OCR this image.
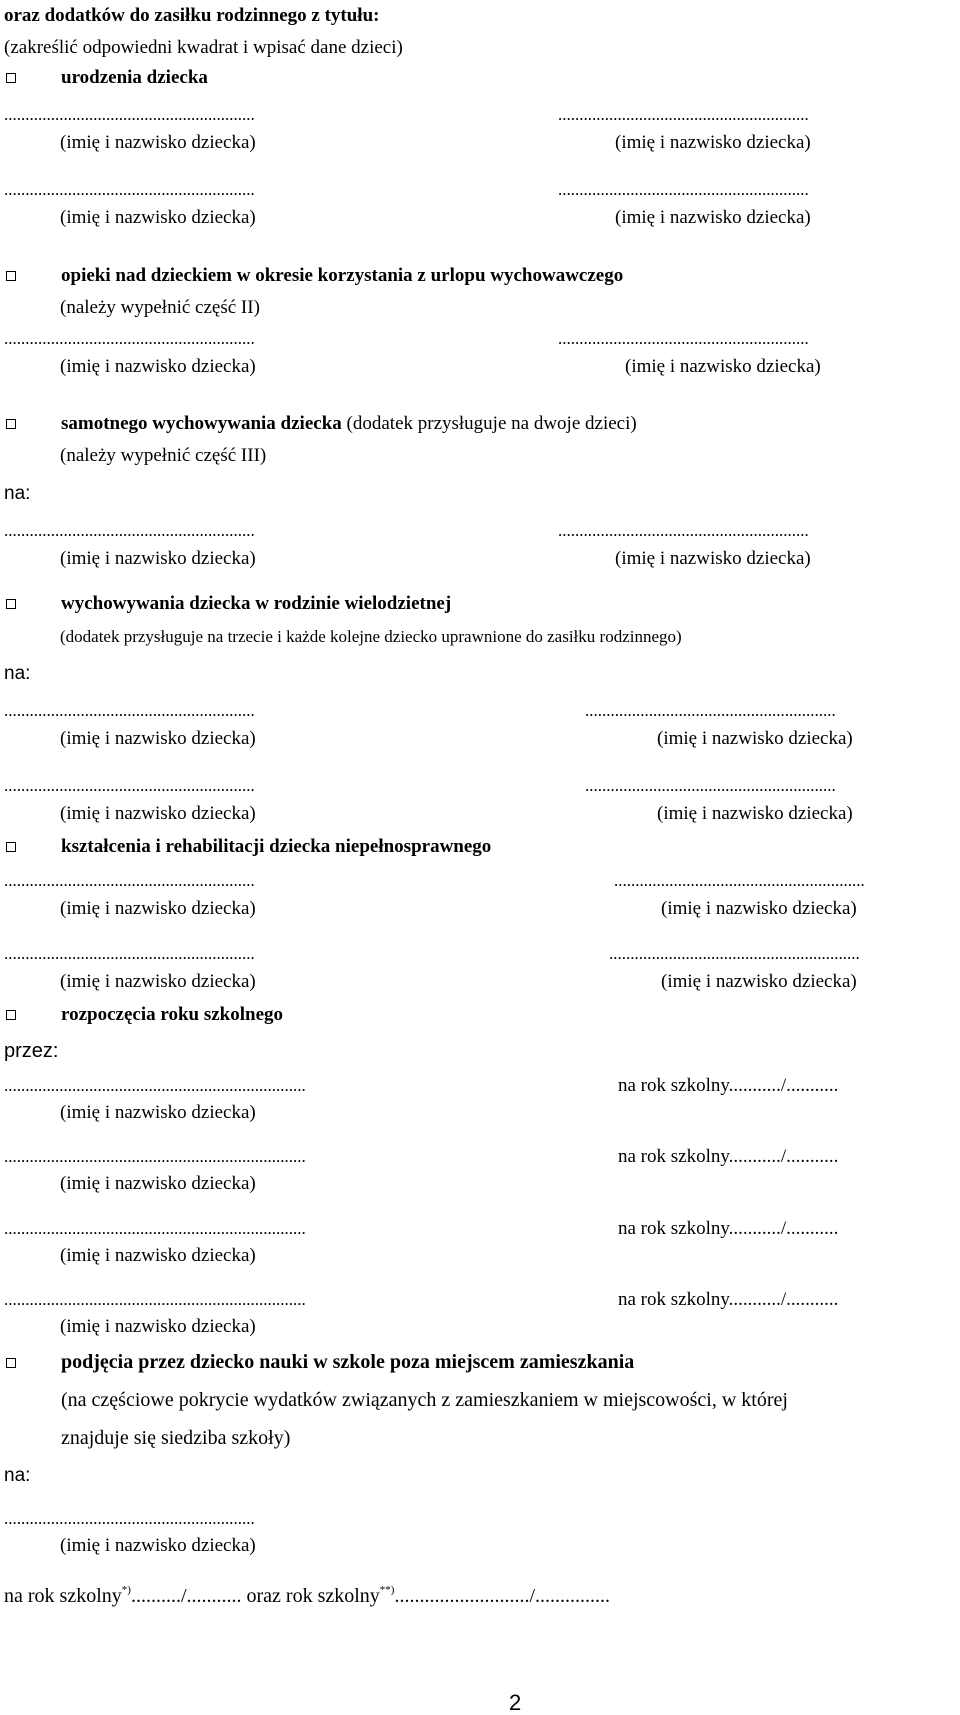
oraz dodatków do zasiłku rodzinnego z tytułu:
(zakreślić odpowiedni kwadrat i wpisać dane dzieci)
urodzenia dziecka
...........................................................	...........................................................
(imię i nazwisko dziecka)	(imię i nazwisko dziecka)
...........................................................	...........................................................
(imię i nazwisko dziecka)	(imię i nazwisko dziecka)
opieki nad dzieckiem w okresie korzystania z urlopu wychowawczego
(należy wypełnić część II)
...........................................................	...........................................................
(imię i nazwisko dziecka)	(imię i nazwisko dziecka)
samotnego wychowywania dziecka (dodatek przysługuje na dwoje dzieci)
(należy wypełnić część III)
na:
...........................................................	...........................................................
(imię i nazwisko dziecka)	(imię i nazwisko dziecka)
wychowywania dziecka w rodzinie wielodzietnej
(dodatek przysługuje na trzecie i każde kolejne dziecko uprawnione do zasiłku rodzinnego)
na:
...........................................................	...........................................................
(imię i nazwisko dziecka)	(imię i nazwisko dziecka)
...........................................................	...........................................................
(imię i nazwisko dziecka)	(imię i nazwisko dziecka)
kształcenia i rehabilitacji dziecka niepełnosprawnego
...........................................................	...........................................................
(imię i nazwisko dziecka)	(imię i nazwisko dziecka)
...........................................................	...........................................................
(imię i nazwisko dziecka)	(imię i nazwisko dziecka)
rozpoczęcia roku szkolnego
przez:
.......................................................................	na rok szkolny.........../...........
(imię i nazwisko dziecka)
.......................................................................	na rok szkolny.........../...........
(imię i nazwisko dziecka)
.......................................................................	na rok szkolny.........../...........
(imię i nazwisko dziecka)
.......................................................................	na rok szkolny.........../...........
(imię i nazwisko dziecka)
podjęcia przez dziecko nauki w szkole poza miejscem zamieszkania
(na częściowe pokrycie wydatków związanych z zamieszkaniem w miejscowości, w której
znajduje się siedziba szkoły)
na:
...........................................................
(imię i nazwisko dziecka)
na rok szkolny*)........../........... oraz rok szkolny**).........................../...............
2
